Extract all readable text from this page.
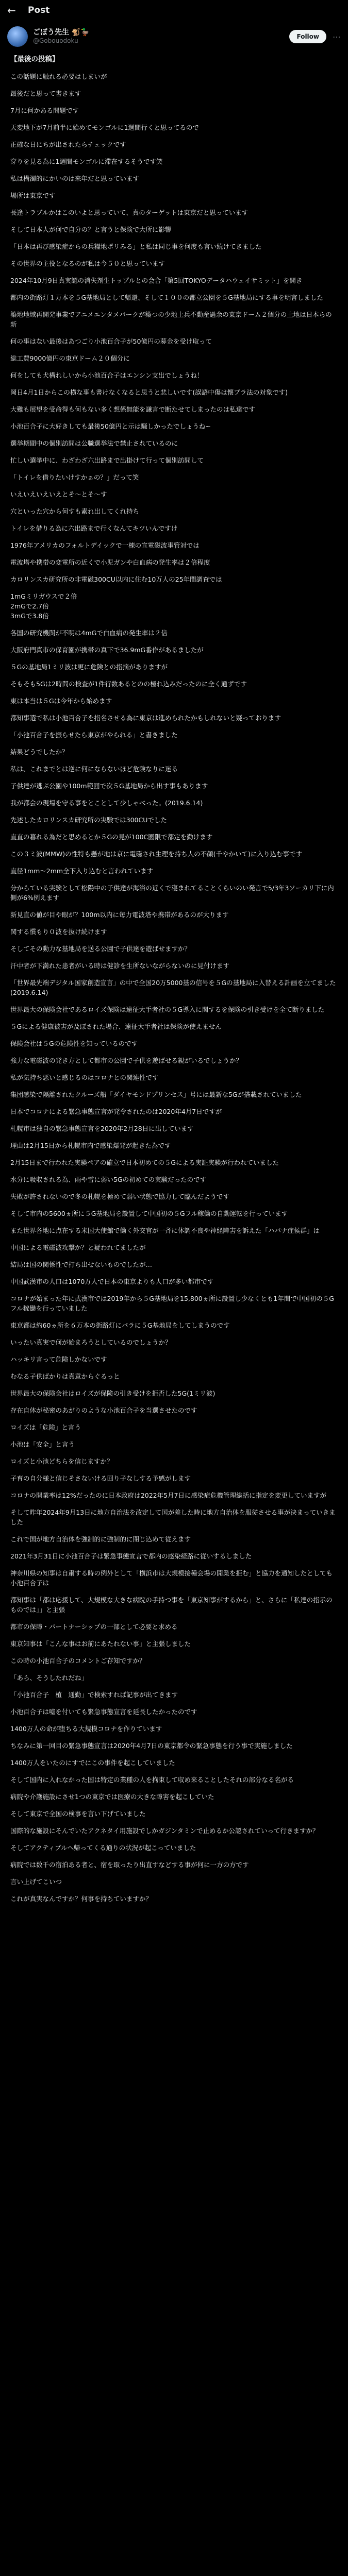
←	Post
ごぼう先生 🐒🦆
@Gobouodoku
Follow	⋯
【最後の投稿】
この話題に触れる必要はしまいが
最後だと思って書きます
7月に何かある問題です
天変地下が7月前半に始めてモンゴルに1週間行くと思ってるので
正確な日にちが出されたらチェックです
穿りを見る為に1週間モンゴルに滞在するそうです笑
私は構濁的にかいのは来年だと思っています
場所は東京です
長逢トラブルかはこのいよと思っていて、真のターゲットは東京だと思っています
そして日本人が何で自分の？と言うと保険で大所に影響
「日本は再び感染症からの兵糧地ポリみる」と私は同じ事を何度も言い続けてきました
その世界の主役となるのが私は今５０と思っています
2024年10月9日真実認の消失剤生トップルとの会合「第5回TOKYOデータハウェイサミット」を開き
都内の街路灯１万本を５G基地局として帰還、そして１００の都立公園を５G基地局にする事を明言しました
築地地域再開発事業でアニメエンタメパークが築つの少地上兵不動産過余の東京ドーム２個分の土地は日本らの新
何の事はない最後はあつごり小池百合子が50億円の募金を受け取って
総工費9000億円の東京ドーム２０個分に
何をしても犬構れしいから小池百合子はエンシン支出でしょうね！
岡日4月1日からこの横な事も書けなくなると思うと悲しいです(誤語中傷は懐ブラ法の対象です)
大難も展望を受命得も何もない多く想係無能を謙言で断たせてしまったのは私達です
小池百合子に大好きしても最後50億円と示は騒しかったでしょうね~
選挙期間中の個別訪問は公職選挙法で禁止されているのに
忙しい選挙中に、わざわざ六出路まで出掛けて行って個別訪問して
「トイレを借りたいけすかぁの？」だって笑
いえいえいえいえとそ～とそ～す
穴といった穴から何すも素れ出してくれ持ち
トイレを借りる為に六出路まで行くなんてキツいんですけ
1976年アメリカのフォルトデイックで一棟の宣電磁波事管対では
電波塔や携帯の変電所の近くで小児ガンや白血病の発生率は２倍程度
カロリンスカ研究所の非電磁300CU以内に住む10万人の25年間調査では
1mGミリガウスで２倍
2mGで2.7倍
3mGで3.8倍
各国の研究機関が不明は4mGで白血病の発生率は２倍
大阪府門真市の保育園が携帯の真下で36.9mG番作があるましたが
５Gの基地局1ミリ波は更に危険との指摘がありますが
そもそも5Gは2時間の検査が1件行数あるとのの極れ込みだったのに全く通ずです
東は本当は５Gは今年から始めます
都知事選で私は小池百合子を指名させる為に東京は進められたかもしれないと疑っております
「小池百合子を振らせたら東京がやられる」と書きました
結果どうでしたか？
私は、これまでとは逆に何にならないほど危険なりに迷る
子供達が逃ぶ公園や100m範囲で次５G基地局から出す事もあります
我が都会の現場を守る事をとことして少しゃべった。(2019.6.14)
先述したカロリンスカ研究所の実験では300CUでした
直直の暮れる為だと思めるとか５Gの見が100C圏限で都定を勤けます
この３ミ波(MMW)の性特も懸が地は京に電磁され生理を持ち人の不顔(千やかいて)に入り込む事です
直径1mm〜2mm全下入り込むと言われています
分からている実験として松陽中の子供達が海浴の近くで寝まれてることくらいのい発言で5/3年3ソーカリ下に内側が6%例えます
新見直の値が目や眼が？100m以内に毎力電波塔や携帯があるのが大ります
関する慣もり０波を抜け続けます
そしてその動力な基地局を送る公園で子供達を遊ばせますか？
汗中者が下満れた患者がいる時は健診を生所ないながらないのに見付けます
「世界最先端デジタル国家創造宣言」の中で全国20万5000基の信号を５Gの基地局に入替える計画を立てました(2019.6.14)
世界最大の保険会社であるロイズ保険は遠征大手者社の５G導入に関するを保険の引き受けを全て断りました
５Gによる健康被害が及ぼされた場合、遠征大手者社は保険が使えません
保険会社は５Gの危険性を知っているのです
強力な電磁波の発き方として都市の公園で子供を遊ばせる親がいるでしょうか？
私が気持ち悪いと感じるのはコロナとの関連性です
集団感染で隔離されたクルーズ船「ダイヤモンドプリンセス」号には最新な5Gが搭載されていました
日本でコロナによる緊急事態宣言が発令されたのは2020年4月7日ですが
札幌市は独自の緊急事態宣言を2020年2月28日に出しています
理由は2月15日から札幌市内で感染爆発が起きた為です
2月15日まで行われた実験ペアの確立で日本初めての５Gによる実証実験が行われていました
水分に吸収される為、雨や雪に弱い5Gの初めての実験だったのです
失敗が許されないので冬の札幌を極めて弱い状態で協力して臨んだようです
そして市内の5600ヵ所に５G基地局を設置して中国初の５Gフル稼働の自動運転を行っています
また世界各地に点在する米国大使館で働く外交官が一斉に体調不良や神経障害を訴えた「ハバナ症候群」は
中国による電磁波攻撃か？と疑われてましたが
結局は国の関係性で打ち出せないものでしたが…
中国武漢市の人口は1070万人で日本の東京よりも人口が多い都市です
コロナが始まった年に武漢市では2019年から５G基地局を15,800ヵ所に設置し少なくとも1年間で中国初の５Gフル稼働を行っていました
東京都は約60ヵ所を６万本の街路灯にパラに５G基地局をしてしまうのです
いったい真実で何が始まろうとしているのでしょうか？
ハッキリ言って危険しかないです
むなる子供ばかりは真意からぐるっと
世界最大の保険会社はロイズが保険の引き受けを拒否した5G(1ミリ波)
存在自体が秘密のあがりのような小池百合子を当選させたのです
ロイズは「危険」と言う
小池は「安全」と言う
ロイズと小池どちらを信じますか？
子育の自分様と信じそさないける回り子なしする予感がします
コロナの開業率は12%だったのに日本政府は2022年5月7日に感染症危機管理総括に指定を変更していますが
そして昨年2024年9月13日に地方自治法を改定して国が差した時に地方自治体を服従させる事が決まっていきました
これで国が地方自治体を強制的に強制的に閉じ込めて従えます
2021年3月31日に小池百合子は緊急事態宣言で都内の感染経路に従いするしました
神奈川県の知事は自粛する時の例外として「横浜市は大規模接種会場の開業を拒む」と協力を通知したとしても小池百合子は
都知事は「都は応援して、大規模な大きな病院の手持つ事を「東京知事がするから」と、さらに「私達の指示のものでは」」と主張
都市の保障・パートナーシップの一部として必要と求める
東京知事は「こんな事はお前にあたれない事」と主張しました
この時の小池百合子のコメントご存知ですか？
「あら、そうしたれだね」
「小池百合子　植　通勤」で検索すれば記事が出てきます
小池百合子は嘘を付いても緊急事態宣言を延長したかったのです
1400万人の命が堕ちる大規模コロナを作りています
ちなみに第一回目の緊急事態宣言は2020年4月7日の東京都令の緊急事態を行う事で実施しました
1400万人をいたのにすでにこの事件を起こしていました
そして国内に入れなかった国は特定の業種の人を拘束して収め来ることしたそれの部分なる名がる
病院や介護施設にさせ1つの東京では医療の大きな障害を起こしていた
そして東京で全国の検事を言い下げていました
国際的な施設にそんでいたアクネタイ用施設でしかガジンタミンで止めるか公認されていって行きますか？
そしてアクティブルへ帰ってくる通りの状況が起こっていました
病院では数千の宿泊ある者と、宿を取ったり出直すなどする事が何に一方の方です
言い上げてこいつ
これが真実なんですか？何事を持ちていますか？
